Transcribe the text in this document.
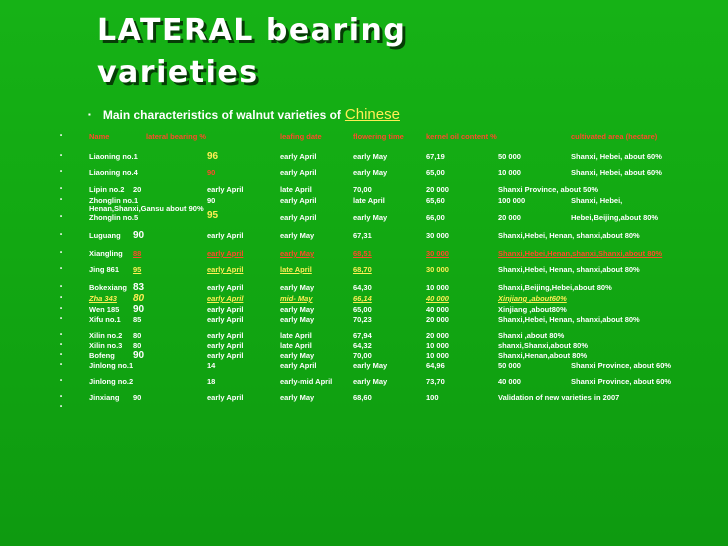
LATERAL bearing
varieties

▪ Main characteristics of walnut varieties of Chinese

•	Name	lateral bearing %	leafing date	flowering time	kernel oil content %	cultivated area (hectare)
•	Liaoning no.1	96	early April	early May	67,19	50 000	Shanxi, Hebei, about 60%
•	Liaoning no.4	90	early April	early May	65,00	10 000	Shanxi, Hebei, about 60%
•	Lipin no.2 20	early April	late April	70,00	20 000	Shanxi Province, about 50%
•	Zhonglin no.1	90	early April	late April	65,60	100 000	Shanxi, Hebei,
Henan,Shanxi,Gansu about 90%
•	Zhonglin no.5	95	early April	early May	66,00	20 000	Hebei,Beijing,about 80%
•	Luguang 90	early April	early May	67,31	30 000	Shanxi,Hebei, Henan, shanxi,about 80%
•	Xiangling 88	early April	early May	68,51	30 000	Shanxi,Hebei,Henan,shanxi,Shanxi,about 80%
•	Jing 861 95	early April	late April	68,70	30 000	Shanxi,Hebei, Henan, shanxi,about 80%
•	Bokexiang 83	early April	early May	64,30	10 000	Shanxi,Beijing,Hebei,about 80%
•	Zha 343 80	early April	mid- May	66,14	40 000	Xinjiang ,about60%
•	Wen 185 90	early April	early May	65,00	40 000	Xinjiang ,about80%
•	Xifu no.1 85	early April	early May	70,23	20 000	Shanxi,Hebei, Henan, shanxi,about 80%
•	Xilin no.2 80	early April	late April	67,94	20 000	Shanxi ,about 80%
•	Xilin no.3 80	early April	late April	64,32	10 000	shanxi,Shanxi,about 80%
•	Bofeng 90	early April	early May	70,00	10 000	Shanxi,Henan,about 80%
•	Jinlong no.1	14	early April	early May	64,96	50 000	Shanxi Province, about 60%
•	Jinlong no.2	18	early-mid April	early May	73,70	40 000	Shanxi Province, about 60%
•	Jinxiang 90	early April	early May	68,60	100	Validation of new varieties in 2007
•
